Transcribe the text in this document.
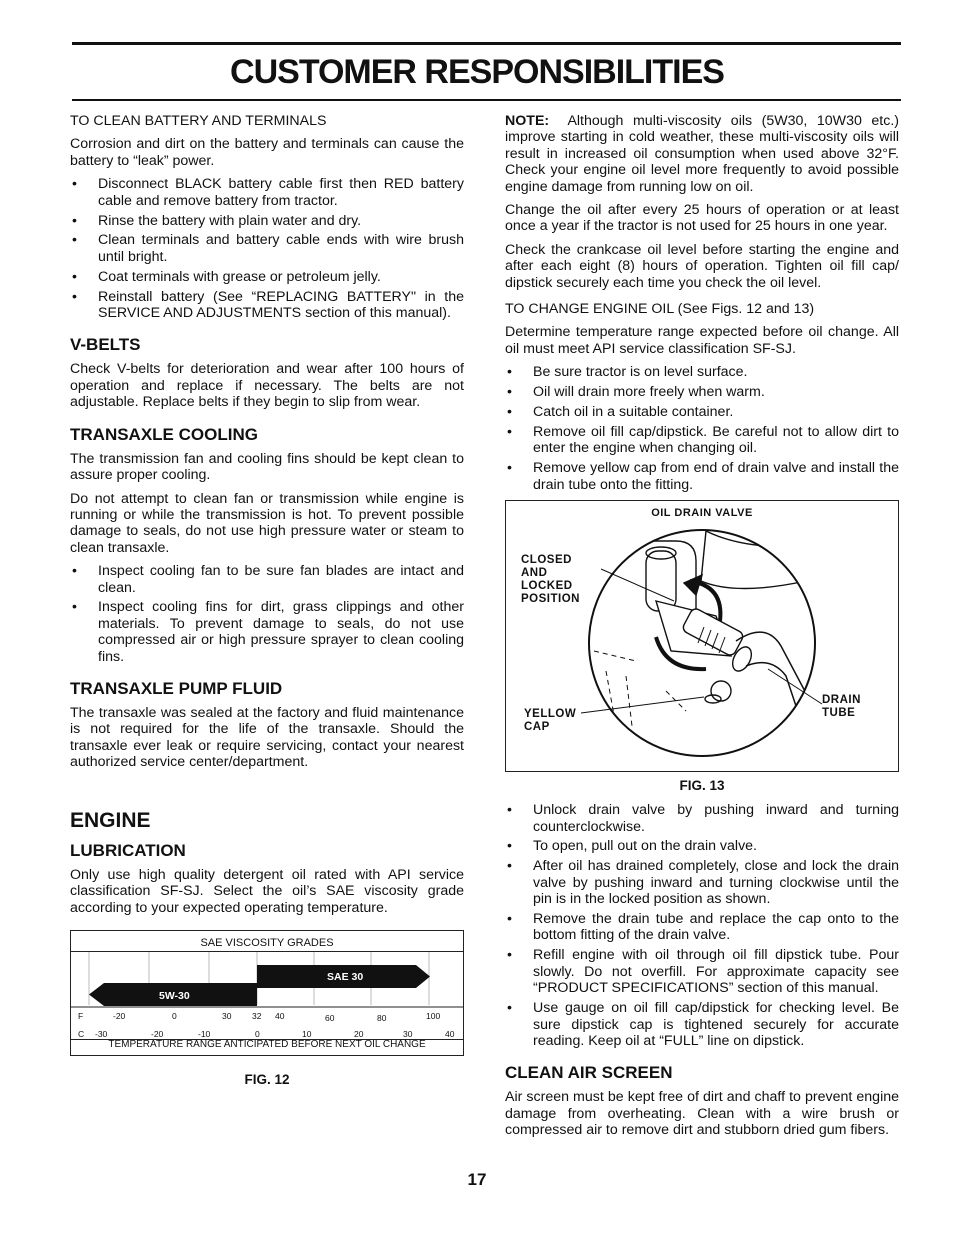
CUSTOMER RESPONSIBILITIES

TO CLEAN BATTERY AND TERMINALS

Corrosion and dirt on the battery and terminals can cause the battery to “leak” power.

• Disconnect BLACK battery cable first then RED battery cable and remove battery from tractor.
• Rinse the battery with plain water and dry.
• Clean terminals and battery cable ends with wire brush until bright.
• Coat terminals with grease or petroleum jelly.
• Reinstall battery (See “REPLACING BATTERY" in the SERVICE AND ADJUSTMENTS section of this manual).
V-BELTS

Check V-belts for deterioration and wear after 100 hours of operation and replace if necessary. The belts are not adjustable. Replace belts if they begin to slip from wear.

TRANSAXLE COOLING

The transmission fan and cooling fins should be kept clean to assure proper cooling.

Do not attempt to clean fan or transmission while engine is running or while the transmission is hot. To prevent possible damage to seals, do not use high pressure water or steam to clean transaxle.

• Inspect cooling fan to be sure fan blades are intact and clean.
• Inspect cooling fins for dirt, grass clippings and other materials. To prevent damage to seals, do not use compressed air or high pressure sprayer to clean cooling fins.
TRANSAXLE PUMP FLUID

The transaxle was sealed at the factory and fluid maintenance is not required for the life of the transaxle. Should the transaxle ever leak or require servicing, contact your nearest authorized service center/department.

ENGINE
LUBRICATION

Only use high quality detergent oil rated with API service classification SF-SJ. Select the oil’s SAE viscosity grade according to your expected operating temperature.

SAE VISCOSITY GRADES
5W-30
SAE 30
F	-20	0	30 32 40	60	80	100
C -30	-20	-10	0	10	20	30	40
TEMPERATURE RANGE ANTICIPATED BEFORE NEXT OIL CHANGE
FIG. 12

NOTE: Although multi-viscosity oils (5W30, 10W30 etc.) improve starting in cold weather, these multi-viscosity oils will result in increased oil consumption when used above 32°F. Check your engine oil level more frequently to avoid possible engine damage from running low on oil.

Change the oil after every 25 hours of operation or at least once a year if the tractor is not used for 25 hours in one year.

Check the crankcase oil level before starting the engine and after each eight (8) hours of operation. Tighten oil fill cap/ dipstick securely each time you check the oil level.

TO CHANGE ENGINE OIL (See Figs. 12 and 13)

Determine temperature range expected before oil change. All oil must meet API service classification SF-SJ.

• Be sure tractor is on level surface.
• Oil will drain more freely when warm.
• Catch oil in a suitable container.
• Remove oil fill cap/dipstick. Be careful not to allow dirt to enter the engine when changing oil.
• Remove yellow cap from end of drain valve and install the drain tube onto the fitting.
OIL DRAIN VALVE
CLOSED
AND
LOCKED
POSITION
YELLOW
CAP
DRAIN
TUBE
FIG. 13
• Unlock drain valve by pushing inward and turning counterclockwise.
• To open, pull out on the drain valve.
• After oil has drained completely, close and lock the drain valve by pushing inward and turning clockwise until the pin is in the locked position as shown.
• Remove the drain tube and replace the cap onto to the bottom fitting of the drain valve.
• Refill engine with oil through oil fill dipstick tube. Pour slowly. Do not overfill. For approximate capacity see “PRODUCT SPECIFICATIONS” section of this manual.
• Use gauge on oil fill cap/dipstick for checking level. Be sure dipstick cap is tightened securely for accurate reading. Keep oil at “FULL” line on dipstick.
CLEAN AIR SCREEN

Air screen must be kept free of dirt and chaff to prevent engine damage from overheating. Clean with a wire brush or compressed air to remove dirt and stubborn dried gum fibers.

17
